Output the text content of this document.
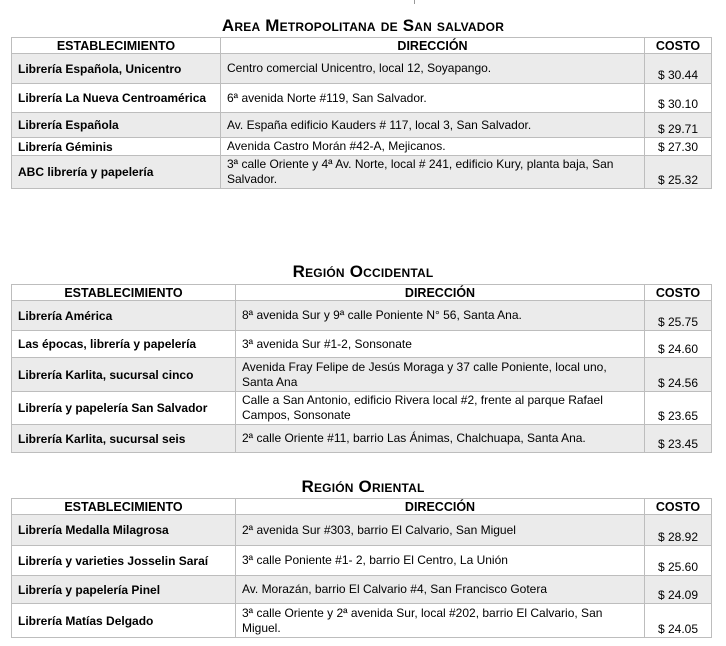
Area Metropolitana de San salvador
ESTABLECIMIENTO	DIRECCIÓN	COSTO
Librería Española, Unicentro	Centro comercial Unicentro, local 12, Soyapango.	$ 30.44
Librería La Nueva Centroamérica	6ª avenida Norte #119, San Salvador.	$ 30.10
Librería Española	Av. España edificio Kauders # 117, local 3, San Salvador.	$ 29.71
Librería Géminis	Avenida Castro Morán #42-A, Mejicanos.	$ 27.30
ABC librería y papelería	3ª calle Oriente y 4ª Av. Norte, local # 241, edificio Kury, planta baja, San Salvador.	$ 25.32
Región Occidental
ESTABLECIMIENTO	DIRECCIÓN	COSTO
Librería América	8ª avenida Sur y 9ª calle Poniente N° 56, Santa Ana.	$ 25.75
Las épocas, librería y papelería	3ª avenida Sur #1-2, Sonsonate	$ 24.60
Librería Karlita, sucursal cinco	Avenida Fray Felipe de Jesús Moraga y 37 calle Poniente, local uno, Santa Ana	$ 24.56
Librería y papelería San Salvador	Calle a San Antonio, edificio Rivera local #2, frente al parque Rafael Campos, Sonsonate	$ 23.65
Librería Karlita, sucursal seis	2ª calle Oriente #11, barrio Las Ánimas, Chalchuapa, Santa Ana.	$ 23.45
Región Oriental
ESTABLECIMIENTO	DIRECCIÓN	COSTO
Librería Medalla Milagrosa	2ª avenida Sur #303, barrio El Calvario, San Miguel	$ 28.92
Librería y varieties Josselin Saraí	3ª calle Poniente #1- 2, barrio El Centro, La Unión	$ 25.60
Librería y papelería Pinel	Av. Morazán, barrio El Calvario #4, San Francisco Gotera	$ 24.09
Librería Matías Delgado	3ª calle Oriente y 2ª avenida Sur, local #202, barrio El Calvario, San Miguel.	$ 24.05
